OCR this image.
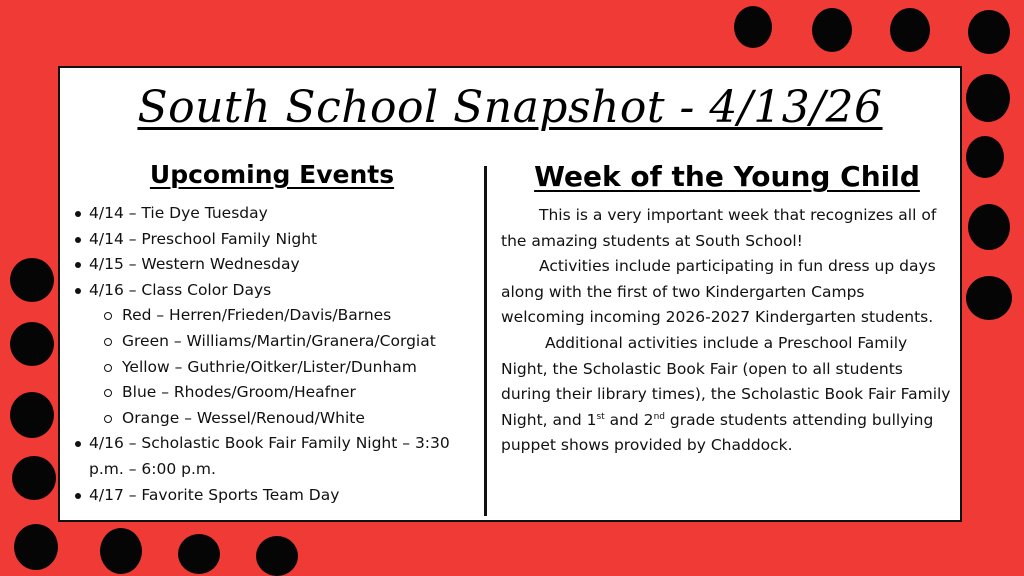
South School Snapshot - 4/13/26
Upcoming Events	Week of the Young Child
4/14 – Tie Dye Tuesday
4/14 – Preschool Family Night
4/15 – Western Wednesday
4/16 – Class Color Days
Red – Herren/Frieden/Davis/Barnes
Green – Williams/Martin/Granera/Corgiat
Yellow – Guthrie/Oitker/Lister/Dunham
Blue – Rhodes/Groom/Heafner
Orange – Wessel/Renoud/White
4/16 – Scholastic Book Fair Family Night – 3:30 p.m. – 6:00 p.m.
4/17 – Favorite Sports Team Day

This is a very important week that recognizes all of the amazing students at South School!

Activities include participating in fun dress up days along with the first of two Kindergarten Camps welcoming incoming 2026-2027 Kindergarten students.

Additional activities include a Preschool Family Night, the Scholastic Book Fair (open to all students during their library times), the Scholastic Book Fair Family Night, and 1st and 2nd grade students attending bullying puppet shows provided by Chaddock.
